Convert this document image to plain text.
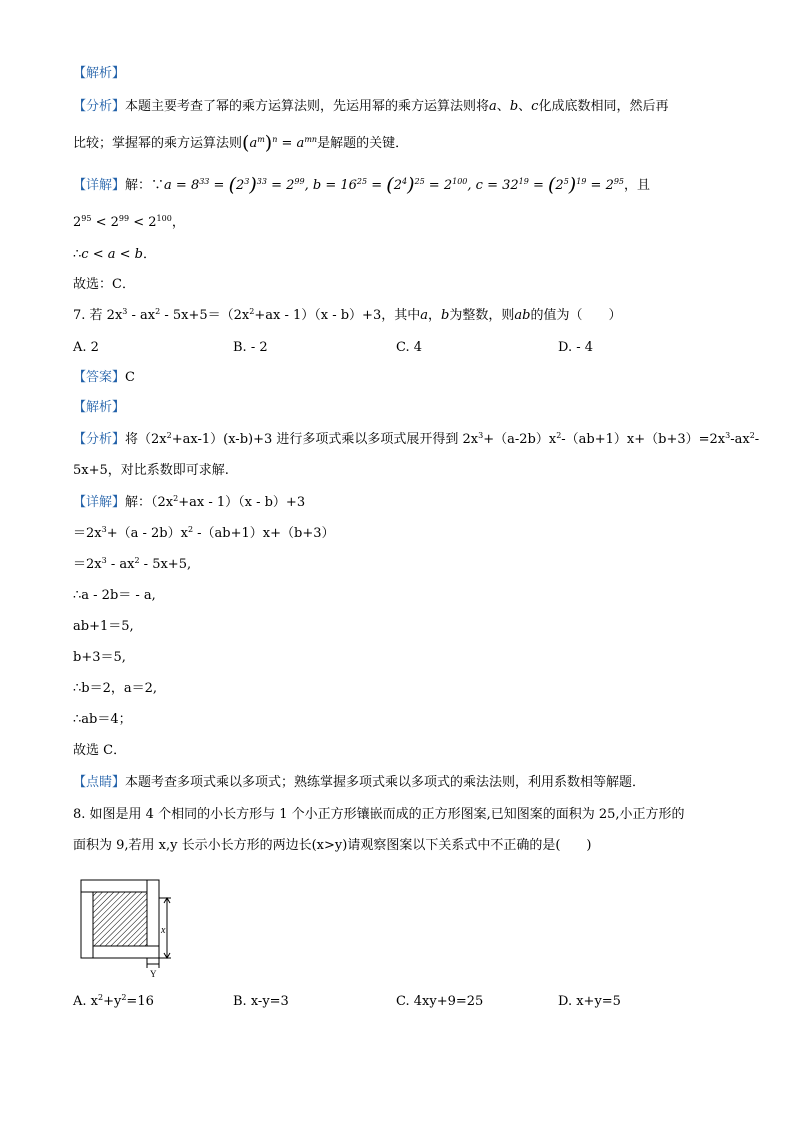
【解析】
【分析】本题主要考查了幂的乘方运算法则，先运用幂的乘方运算法则将a、b、c化成底数相同，然后再
比较；掌握幂的乘方运算法则$(a^m)^n = a^{mn}$是解题的关键．
【详解】解：∵a = $8^{33} = (2^3)^{33} = 2^{99}$, $b = 16^{25} = (2^4)^{25} = 2^{100}$, $c = 32^{19} = (2^5)^{19} = 2^{95}$，且
$2^{95} < 2^{99} < 2^{100}$，
∴c < a < b．
故选：C．
7. 若 $2x^3 - ax^2 - 5x+5=(2x^2+ax - 1)(x - b)+3$，其中a，b为整数，则ab的值为（　　）
A. 2	B. - 2	C. 4	D. - 4
【答案】C
【解析】
【分析】将$(2x^2+ax-1)(x-b)+3$ 进行多项式乘以多项式展开得到 $2x^3+(a-2b)x^2-(ab+1)x+(b+3)=2x^3-ax^2-$
5x+5，对比系数即可求解.
【详解】解：$(2x^2+ax - 1)(x - b)+3$
$=2x^3+(a - 2b)x^2$ -（ab+1）x+（b+3）
$=2x^3 - ax^2 - 5x+5$,
∴a - 2b＝ - a,
ab+1＝5,
b+3＝5,
∴b＝2，a＝2,
∴ab＝4；
故选 C．
【点睛】本题考查多项式乘以多项式；熟练掌握多项式乘以多项式的乘法法则，利用系数相等解题．
8. 如图是用 4 个相同的小长方形与 1 个小正方形镶嵌而成的正方形图案,已知图案的面积为 25,小正方形的
面积为 9,若用 x,y 长示小长方形的两边长(x>y)请观察图案以下关系式中不正确的是(　　)
x
Y
A. $x^2+y^2=16$	B. x-y=3	C. 4xy+9=25	D. x+y=5
